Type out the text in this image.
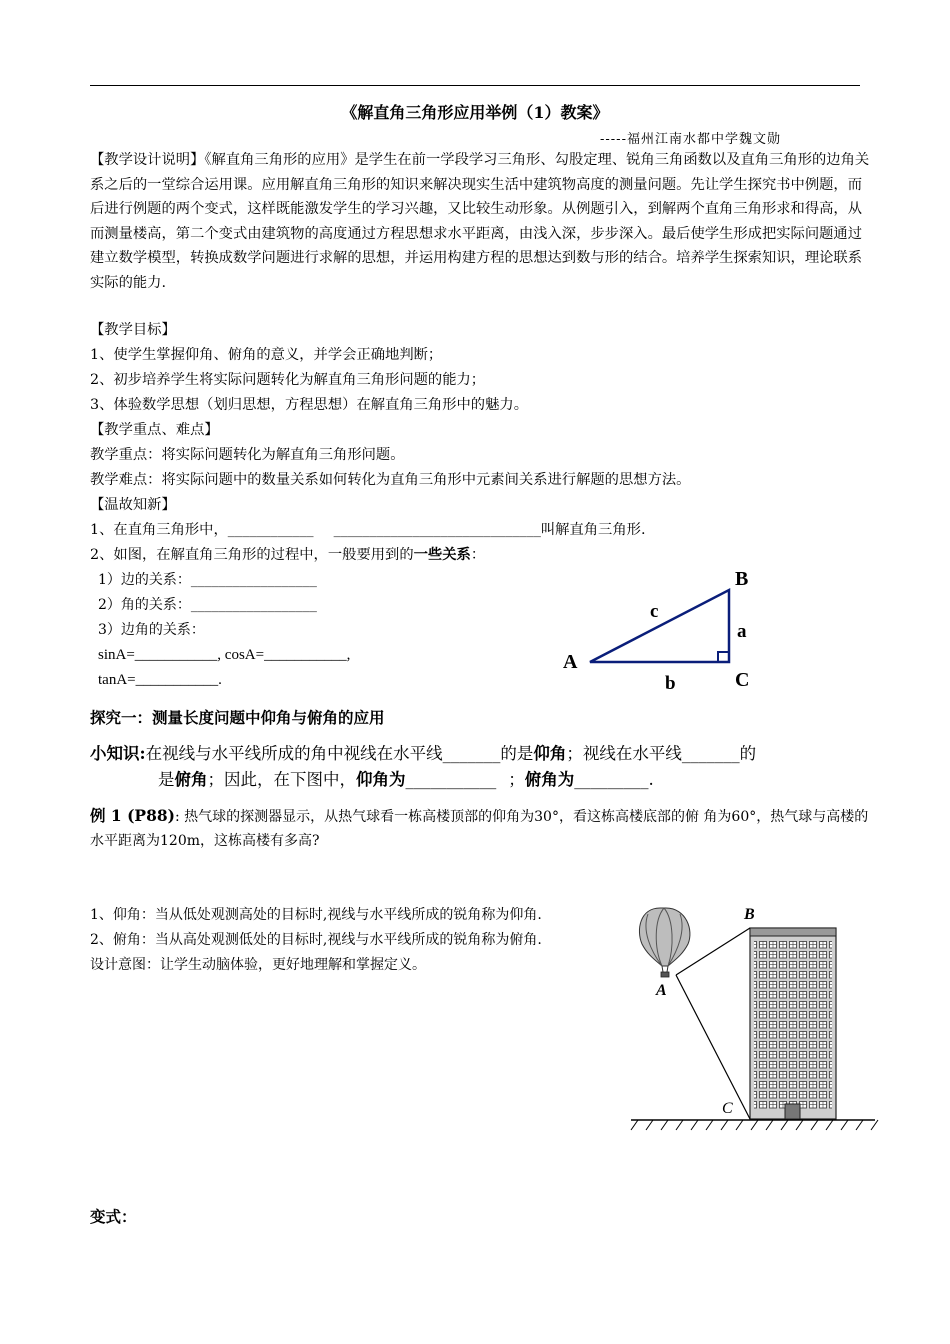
《解直角三角形应用举例（1）教案》
-----福州江南水都中学魏文勋
【教学设计说明】《解直角三角形的应用》是学生在前一学段学习三角形、勾股定理、锐角三角函数以及直角三角形的边角关系之后的一堂综合运用课。应用解直角三角形的知识来解决现实生活中建筑物高度的测量问题。先让学生探究书中例题，而后进行例题的两个变式，这样既能激发学生的学习兴趣，又比较生动形象。从例题引入，到解两个直角三角形求和得高，从而测量楼高，第二个变式由建筑物的高度通过方程思想求水平距离，由浅入深，步步深入。最后使学生形成把实际问题通过建立数学模型，转换成数学问题进行求解的思想，并运用构建方程的思想达到数与形的结合。培养学生探索知识，理论联系实际的能力.
【教学目标】
1、使学生掌握仰角、俯角的意义，并学会正确地判断；
2、初步培养学生将实际问题转化为解直角三角形问题的能力；
3、体验数学思想（划归思想，方程思想）在解直角三角形中的魅力。
【教学重点、难点】
教学重点：将实际问题转化为解直角三角形问题。
教学难点：将实际问题中的数量关系如何转化为直角三角形中元素间关系进行解题的思想方法。
【温故知新】
1、在直角三角形中，____________ _____________________________叫解直角三角形.
2、如图，在解直角三角形的过程中，一般要用到的一些关系：
1）边的关系：__________________
2）角的关系：__________________
3）边角的关系：
sinA=___________, cosA=___________,
tanA=___________.
B
A
C
c
a
b
探究一：测量长度问题中仰角与俯角的应用
小知识:在视线与水平线所成的角中视线在水平线_______的是仰角；视线在水平线_______的
是俯角；因此，在下图中，仰角为___________ ；俯角为_________.
例 1 (P88): 热气球的探测器显示，从热气球看一栋高楼顶部的仰角为30°，看这栋高楼底部的俯 角为60°，热气球与高楼的水平距离为120m，这栋高楼有多高?
1、仰角：当从低处观测高处的目标时,视线与水平线所成的锐角称为仰角.
2、俯角：当从高处观测低处的目标时,视线与水平线所成的锐角称为俯角.
设计意图：让学生动脑体验，更好地理解和掌握定义。
B
A
C
变式：
